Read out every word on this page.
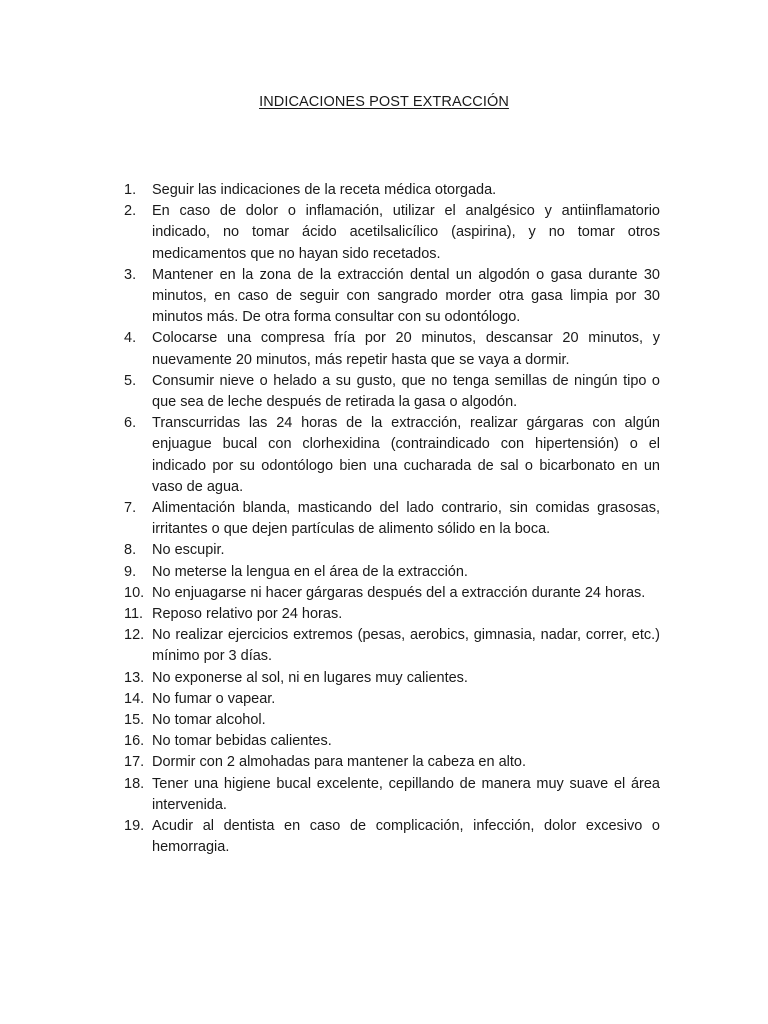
INDICACIONES POST EXTRACCIÓN
1.	Seguir las indicaciones de la receta médica otorgada.
2.	En caso de dolor o inflamación, utilizar el analgésico y antiinflamatorio indicado, no tomar ácido acetilsalicílico (aspirina), y no tomar otros medicamentos que no hayan sido recetados.
3.	Mantener en la zona de la extracción dental un algodón o gasa durante 30 minutos, en caso de seguir con sangrado morder otra gasa limpia por 30 minutos más. De otra forma consultar con su odontólogo.
4.	Colocarse una compresa fría por 20 minutos, descansar 20 minutos, y nuevamente 20 minutos, más repetir hasta que se vaya a dormir.
5.	Consumir nieve o helado a su gusto, que no tenga semillas de ningún tipo o que sea de leche después de retirada la gasa o algodón.
6.	Transcurridas las 24 horas de la extracción, realizar gárgaras con algún enjuague bucal con clorhexidina (contraindicado con hipertensión) o el indicado por su odontólogo bien una cucharada de sal o bicarbonato en un vaso de agua.
7.	Alimentación blanda, masticando del lado contrario, sin comidas grasosas, irritantes o que dejen partículas de alimento sólido en la boca.
8.	No escupir.
9.	No meterse la lengua en el área de la extracción.
10. No enjuagarse ni hacer gárgaras después del a extracción durante 24 horas.
11. Reposo relativo por 24 horas.
12. No realizar ejercicios extremos (pesas, aerobics, gimnasia, nadar, correr, etc.) mínimo por 3 días.
13. No exponerse al sol, ni en lugares muy calientes.
14. No fumar o vapear.
15. No tomar alcohol.
16. No tomar bebidas calientes.
17. Dormir con 2 almohadas para mantener la cabeza en alto.
18. Tener una higiene bucal excelente, cepillando de manera muy suave el área intervenida.
19. Acudir al dentista en caso de complicación, infección, dolor excesivo o hemorragia.
